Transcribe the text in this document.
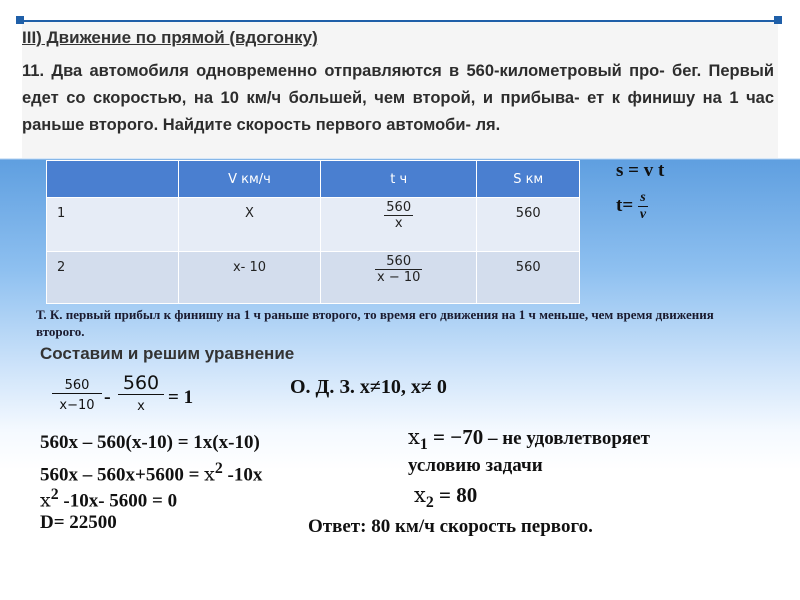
III) Движение по прямой (вдогонку)
11. Два автомобиля одновременно отправляются в 560-километровый про- бег. Первый едет со скоростью, на 10 км/ч большей, чем второй, и прибыва- ет к финишу на 1 час раньше второго. Найдите скорость первого автомоби- ля.
	V км/ч	t ч	S км
1	X	$\frac{560}{x}$	560
2	x- 10	$\frac{560}{x - 10}$	560
s = v t
$t= \frac{s}{v}$
Т. К. первый прибыл к финишу на 1 ч раньше второго, то время его движения на 1 ч меньше, чем время движения второго.
Составим и решим уравнение
$\frac{560}{x-10}$ -
560
x	= 1	О. Д. З. x≠10, x≠ 0
560x – 560(x-10) = 1x(x-10)
$560x - 560x+5600 = x^2$ -10x
$x^2$ -10x- 5600 = 0
D= 22500
$x_1 = -70$ – не удовлетворяет
условию задачи
$x_2 = 80$
Ответ: 80 км/ч скорость первого.
